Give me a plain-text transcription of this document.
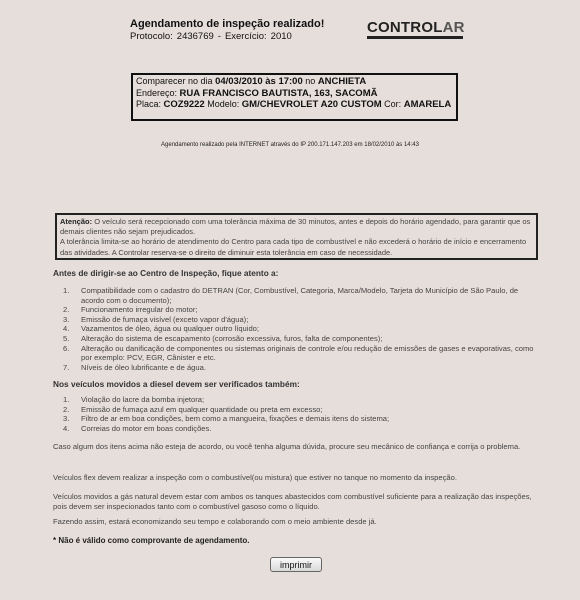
Agendamento de inspeção realizado!
Protocolo: 2436769 - Exercício: 2010
CONTROLAR
Comparecer no dia 04/03/2010 às 17:00 no ANCHIETA
Endereço: RUA FRANCISCO BAUTISTA, 163, SACOMÃ
Placa: COZ9222 Modelo: GM/CHEVROLET A20 CUSTOM Cor: AMARELA
Agendamento realizado pela INTERNET através do IP 200.171.147.203 em 18/02/2010 às 14:43
Atenção: O veículo será recepcionado com uma tolerância máxima de 30 minutos, antes e depois do horário agendado, para garantir que os demais clientes não sejam prejudicados.
A tolerância limita-se ao horário de atendimento do Centro para cada tipo de combustível e não excederá o horário de início e encerramento das atividades. A Controlar reserva-se o direito de diminuir esta tolerância em caso de necessidade.
Antes de dirigir-se ao Centro de Inspeção, fique atento a:
1. Compatibilidade com o cadastro do DETRAN (Cor, Combustível, Categoria, Marca/Modelo, Tarjeta do Município de São Paulo, de acordo com o documento);
2. Funcionamento irregular do motor;
3. Emissão de fumaça visível (exceto vapor d'água);
4. Vazamentos de óleo, água ou qualquer outro líquido;
5. Alteração do sistema de escapamento (corrosão excessiva, furos, falta de componentes);
6. Alteração ou danificação de componentes ou sistemas originais de controle e/ou redução de emissões de gases e evaporativas, como por exemplo: PCV, EGR, Cânister e etc.
7. Níveis de óleo lubrificante e de água.
Nos veículos movidos a diesel devem ser verificados também:
1. Violação do lacre da bomba injetora;
2. Emissão de fumaça azul em qualquer quantidade ou preta em excesso;
3. Filtro de ar em boa condições, bem como a mangueira, fixações e demais itens do sistema;
4. Correias do motor em boas condições.
Caso algum dos itens acima não esteja de acordo, ou você tenha alguma dúvida, procure seu mecânico de confiança e corrija o problema.
Veículos flex devem realizar a inspeção com o combustível(ou mistura) que estiver no tanque no momento da inspeção.
Veículos movidos a gás natural devem estar com ambos os tanques abastecidos com combustível suficiente para a realização das inspeções, pois devem ser inspecionados tanto com o combustível gasoso como o líquido.
Fazendo assim, estará economizando seu tempo e colaborando com o meio ambiente desde já.
* Não é válido como comprovante de agendamento.
imprimir
